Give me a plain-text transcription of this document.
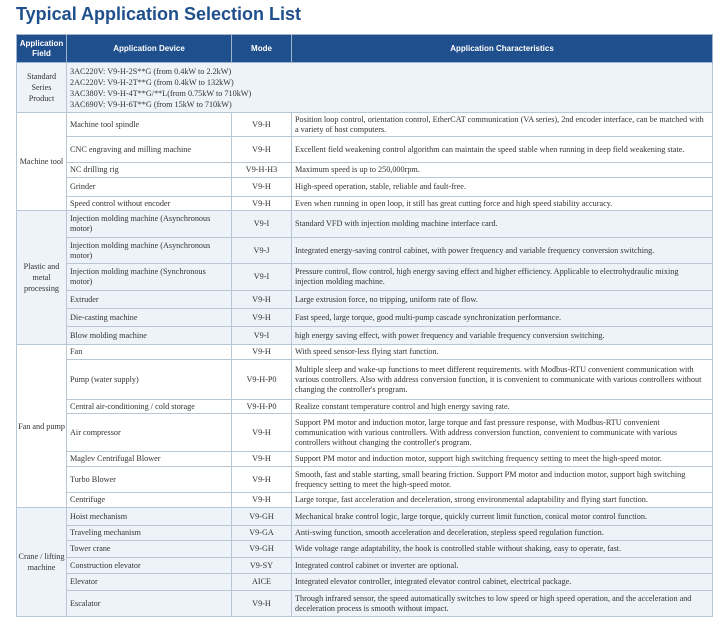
Typical Application Selection List
Application Field	Application Device	Mode	Application Characteristics
Standard Series Product	3AC220V: V9-H-2S**G (from 0.4kW to 2.2kW)
2AC220V: V9-H-2T**G (from 0.4kW to 132kW)
3AC380V: V9-H-4T**G/**L(from 0.75kW to 710kW)
3AC690V: V9-H-6T**G (from 15kW to 710kW)		

Machine tool	Machine tool spindle	V9-H	Position loop control, orientation control, EtherCAT communication (VA series), 2nd encoder interface, can be matched with a variety of host computers.
	CNC engraving and milling machine	V9-H	Excellent field weakening control algorithm can maintain the speed stable when running in deep field weakening state.
	NC drilling rig	V9-H-H3	Maximum speed is up to 250,000rpm.
	Grinder	V9-H	High-speed operation, stable, reliable and fault-free.
	Speed control without encoder	V9-H	Even when running in open loop, it still has great cutting force and high speed stability accuracy.
Plastic and metal processing	Injection molding machine (Asynchronous motor)	V9-I	Standard VFD with injection molding machine interface card.
	Injection molding machine (Asynchronous motor)	V9-J	Integrated energy-saving control cabinet, with power frequency and variable frequency conversion switching.
	Injection molding machine (Synchronous motor)	V9-I	Pressure control, flow control, high energy saving effect and higher efficiency. Applicable to electrohydraulic mixing injection molding machine.
	Extruder	V9-H	Large extrusion force, no tripping, uniform rate of flow.
	Die-casting machine	V9-H	Fast speed, large torque, good multi-pump cascade synchronization performance.
	Blow molding machine	V9-I	high energy saving effect, with power frequency and variable frequency conversion switching.
Fan and pump	Fan	V9-H	With speed sensor-less flying start function.
	Pump (water supply)	V9-H-P0	Multiple sleep and wake-up functions to meet different requirements. with Modbus-RTU convenient communication with various controllers. Also with address conversion function, it is convenient to communicate with various controllers without changing the controller's program.
	Central air-conditioning / cold storage	V9-H-P0	Realize constant temperature control and high energy saving rate.
	Air compressor	V9-H	Support PM motor and induction motor, large torque and fast pressure response, with Modbus-RTU convenient communication with various controllers. With address conversion function, convenient to communicate with various controllers without changing the controller's program.
	Maglev Centrifugal Blower	V9-H	Support PM motor and induction motor, support high switching frequency setting to meet the high-speed motor.
	Turbo Blower	V9-H	Smooth, fast and stable starting, small bearing friction. Support PM motor and induction motor, support high switching frequency setting to meet the high-speed motor.
	Centrifuge	V9-H	Large torque, fast acceleration and deceleration, strong environmental adaptability and flying start function.
Crane / lifting machine	Hoist mechanism	V9-GH	Mechanical brake control logic, large torque, quickly current limit function, conical motor control function.
	Traveling mechanism	V9-GA	Anti-swing function, smooth acceleration and deceleration, stepless speed regulation function.
	Tower crane	V9-GH	Wide voltage range adaptability, the hook is controlled stable without shaking, easy to operate, fast.
	Construction elevator	V9-SY	Integrated control cabinet or inverter are optional.
	Elevator	AICE	Integrated elevator controller, integrated elevator control cabinet, electrical package.
	Escalator	V9-H	Through infrared sensor, the speed automatically switches to low speed or high speed operation, and the acceleration and deceleration process is smooth without impact.
